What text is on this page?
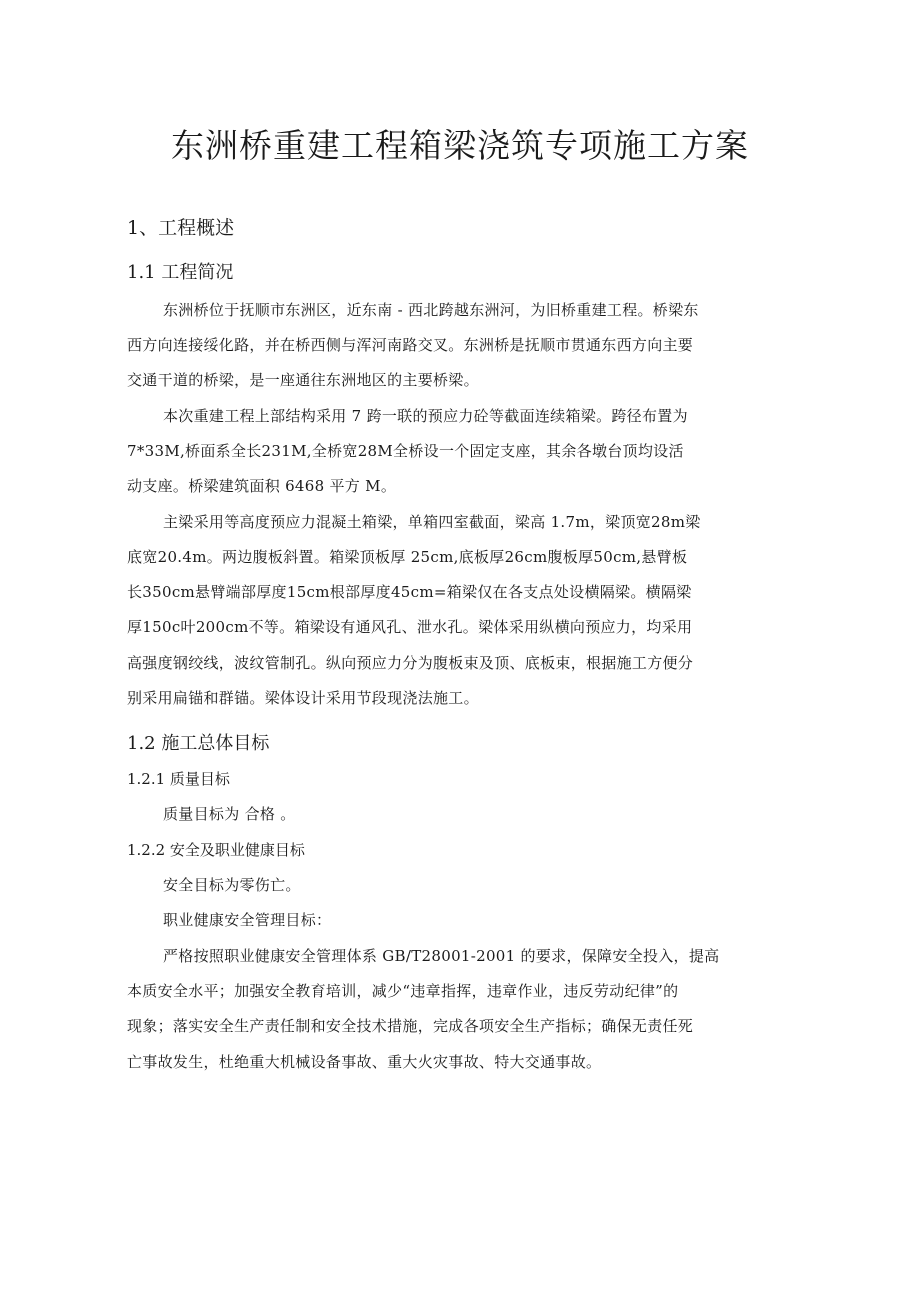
东洲桥重建工程箱梁浇筑专项施工方案
1、工程概述
1.1 工程简况
东洲桥位于抚顺市东洲区，近东南 - 西北跨越东洲河，为旧桥重建工程。桥梁东
西方向连接绥化路，并在桥西侧与浑河南路交叉。东洲桥是抚顺市贯通东西方向主要
交通干道的桥梁，是一座通往东洲地区的主要桥梁。
本次重建工程上部结构采用 7 跨一联的预应力砼等截面连续箱梁。跨径布置为
7*33M,桥面系全长231M,全桥宽28M全桥设一个固定支座，其余各墩台顶均设活
动支座。桥梁建筑面积 6468 平方 M。
主梁采用等高度预应力混凝土箱梁，单箱四室截面，梁高 1.7m，梁顶宽28m梁
底宽20.4m。两边腹板斜置。箱梁顶板厚 25cm,底板厚26cm腹板厚50cm,悬臂板
长350cm悬臂端部厚度15cm根部厚度45cm=箱梁仅在各支点处设横隔梁。横隔梁
厚150c叶200cm不等。箱梁设有通风孔、泄水孔。梁体采用纵横向预应力，均采用
高强度钢绞线，波纹管制孔。纵向预应力分为腹板束及顶、底板束，根据施工方便分
别采用扁锚和群锚。梁体设计采用节段现浇法施工。
1.2 施工总体目标
1.2.1 质量目标
质量目标为 合格 。
1.2.2 安全及职业健康目标
安全目标为零伤亡。
职业健康安全管理目标：
严格按照职业健康安全管理体系 GB/T28001-2001 的要求，保障安全投入，提高
本质安全水平；加强安全教育培训，减少“违章指挥，违章作业，违反劳动纪律”的
现象；落实安全生产责任制和安全技术措施，完成各项安全生产指标；确保无责任死
亡事故发生，杜绝重大机械设备事故、重大火灾事故、特大交通事故。
